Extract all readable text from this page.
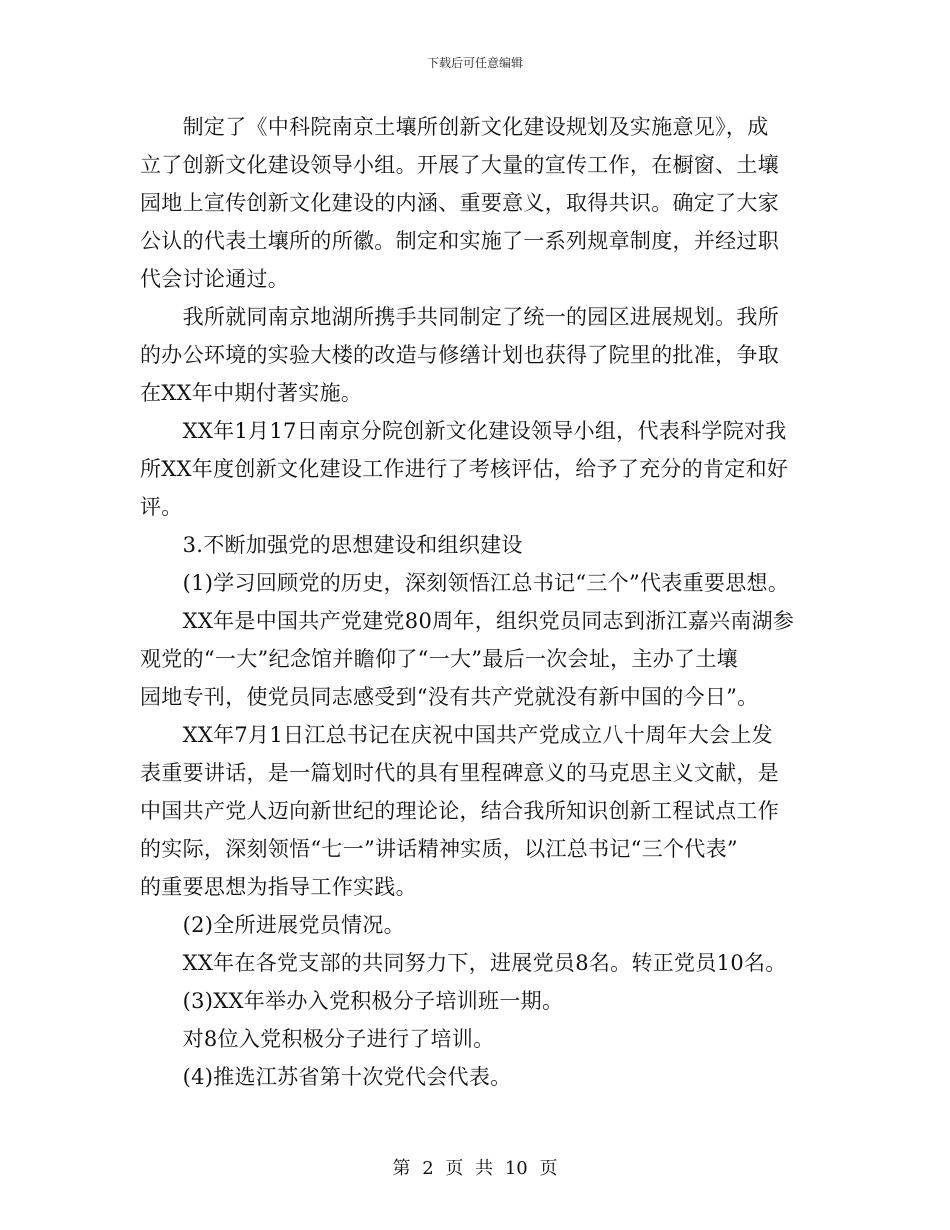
下载后可任意编辑
　　制定了《中科院南京土壤所创新文化建设规划及实施意见》，成
立了创新文化建设领导小组。开展了大量的宣传工作，在橱窗、土壤
园地上宣传创新文化建设的内涵、重要意义，取得共识。确定了大家
公认的代表土壤所的所徽。制定和实施了一系列规章制度，并经过职
代会讨论通过。
　　我所就同南京地湖所携手共同制定了统一的园区进展规划。我所
的办公环境的实验大楼的改造与修缮计划也获得了院里的批准，争取
在XX年中期付著实施。
　　XX年1月17日南京分院创新文化建设领导小组，代表科学院对我
所XX年度创新文化建设工作进行了考核评估，给予了充分的肯定和好
评。
　　3.不断加强党的思想建设和组织建设
　　(1)学习回顾党的历史，深刻领悟江总书记“三个”代表重要思想。
　　XX年是中国共产党建党80周年，组织党员同志到浙江嘉兴南湖参
观党的“一大”纪念馆并瞻仰了“一大”最后一次会址，主办了土壤
园地专刊，使党员同志感受到“没有共产党就没有新中国的今日”。
　　XX年7月1日江总书记在庆祝中国共产党成立八十周年大会上发
表重要讲话，是一篇划时代的具有里程碑意义的马克思主义文献，是
中国共产党人迈向新世纪的理论论，结合我所知识创新工程试点工作
的实际，深刻领悟“七一”讲话精神实质，以江总书记“三个代表”
的重要思想为指导工作实践。
　　(2)全所进展党员情况。
　　XX年在各党支部的共同努力下，进展党员8名。转正党员10名。
　　(3)XX年举办入党积极分子培训班一期。
　　对8位入党积极分子进行了培训。
　　(4)推选江苏省第十次党代会代表。
第 2 页 共 10 页
